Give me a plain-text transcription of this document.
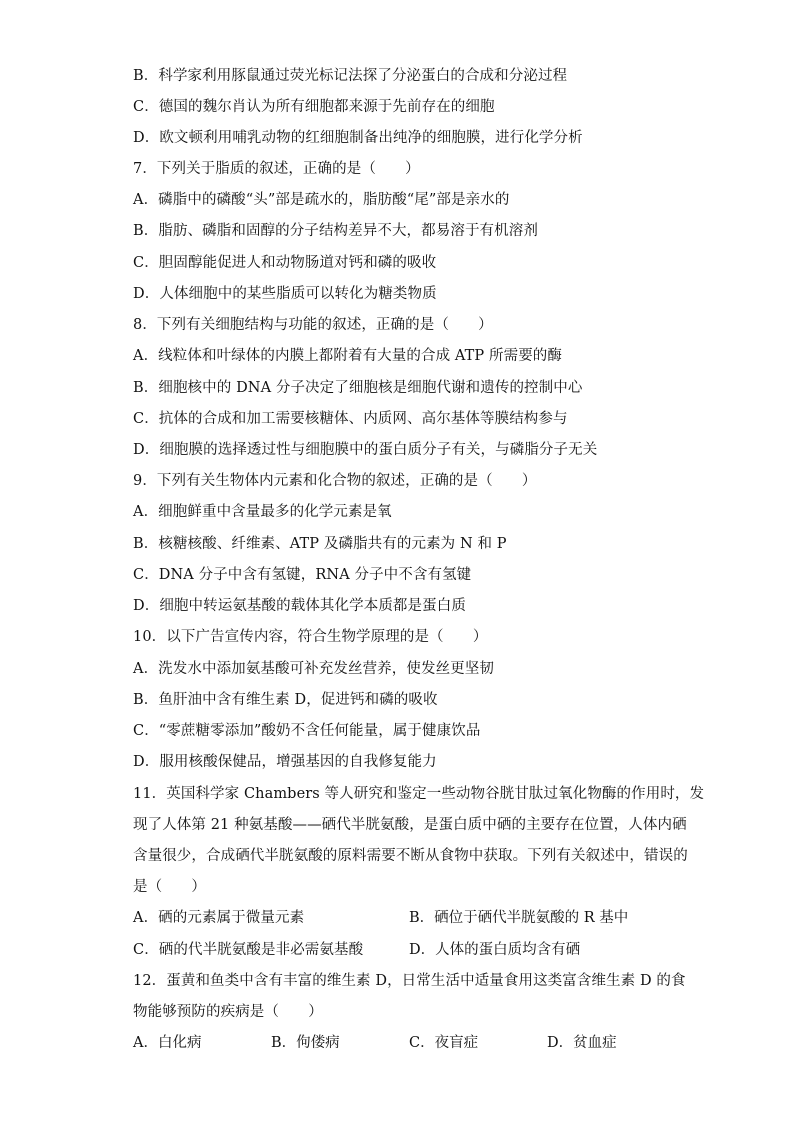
B．科学家利用豚鼠通过荧光标记法探了分泌蛋白的合成和分泌过程
C．德国的魏尔肖认为所有细胞都来源于先前存在的细胞
D．欧文顿利用哺乳动物的红细胞制备出纯净的细胞膜，进行化学分析
7．下列关于脂质的叙述，正确的是（　　）
A．磷脂中的磷酸“头”部是疏水的，脂肪酸“尾”部是亲水的
B．脂肪、磷脂和固醇的分子结构差异不大，都易溶于有机溶剂
C．胆固醇能促进人和动物肠道对钙和磷的吸收
D．人体细胞中的某些脂质可以转化为糖类物质
8．下列有关细胞结构与功能的叙述，正确的是（　　）
A．线粒体和叶绿体的内膜上都附着有大量的合成 ATP 所需要的酶
B．细胞核中的 DNA 分子决定了细胞核是细胞代谢和遗传的控制中心
C．抗体的合成和加工需要核糖体、内质网、高尔基体等膜结构参与
D．细胞膜的选择透过性与细胞膜中的蛋白质分子有关，与磷脂分子无关
9．下列有关生物体内元素和化合物的叙述，正确的是（　　）
A．细胞鲜重中含量最多的化学元素是氧
B．核糖核酸、纤维素、ATP 及磷脂共有的元素为 N 和 P
C．DNA 分子中含有氢键，RNA 分子中不含有氢键
D．细胞中转运氨基酸的载体其化学本质都是蛋白质
10．以下广告宣传内容，符合生物学原理的是（　　）
A．洗发水中添加氨基酸可补充发丝营养，使发丝更坚韧
B．鱼肝油中含有维生素 D，促进钙和磷的吸收
C．“零蔗糖零添加”酸奶不含任何能量，属于健康饮品
D．服用核酸保健品，增强基因的自我修复能力
11．英国科学家 Chambers 等人研究和鉴定一些动物谷胱甘肽过氧化物酶的作用时，发
现了人体第 21 种氨基酸——硒代半胱氨酸，是蛋白质中硒的主要存在位置，人体内硒
含量很少，合成硒代半胱氨酸的原料需要不断从食物中获取。下列有关叙述中，错误的
是（　　）
A．硒的元素属于微量元素	B．硒位于硒代半胱氨酸的 R 基中
C．硒的代半胱氨酸是非必需氨基酸	D．人体的蛋白质均含有硒
12．蛋黄和鱼类中含有丰富的维生素 D，日常生活中适量食用这类富含维生素 D 的食
物能够预防的疾病是（　　）
A．白化病	B．佝偻病	C．夜盲症	D．贫血症
